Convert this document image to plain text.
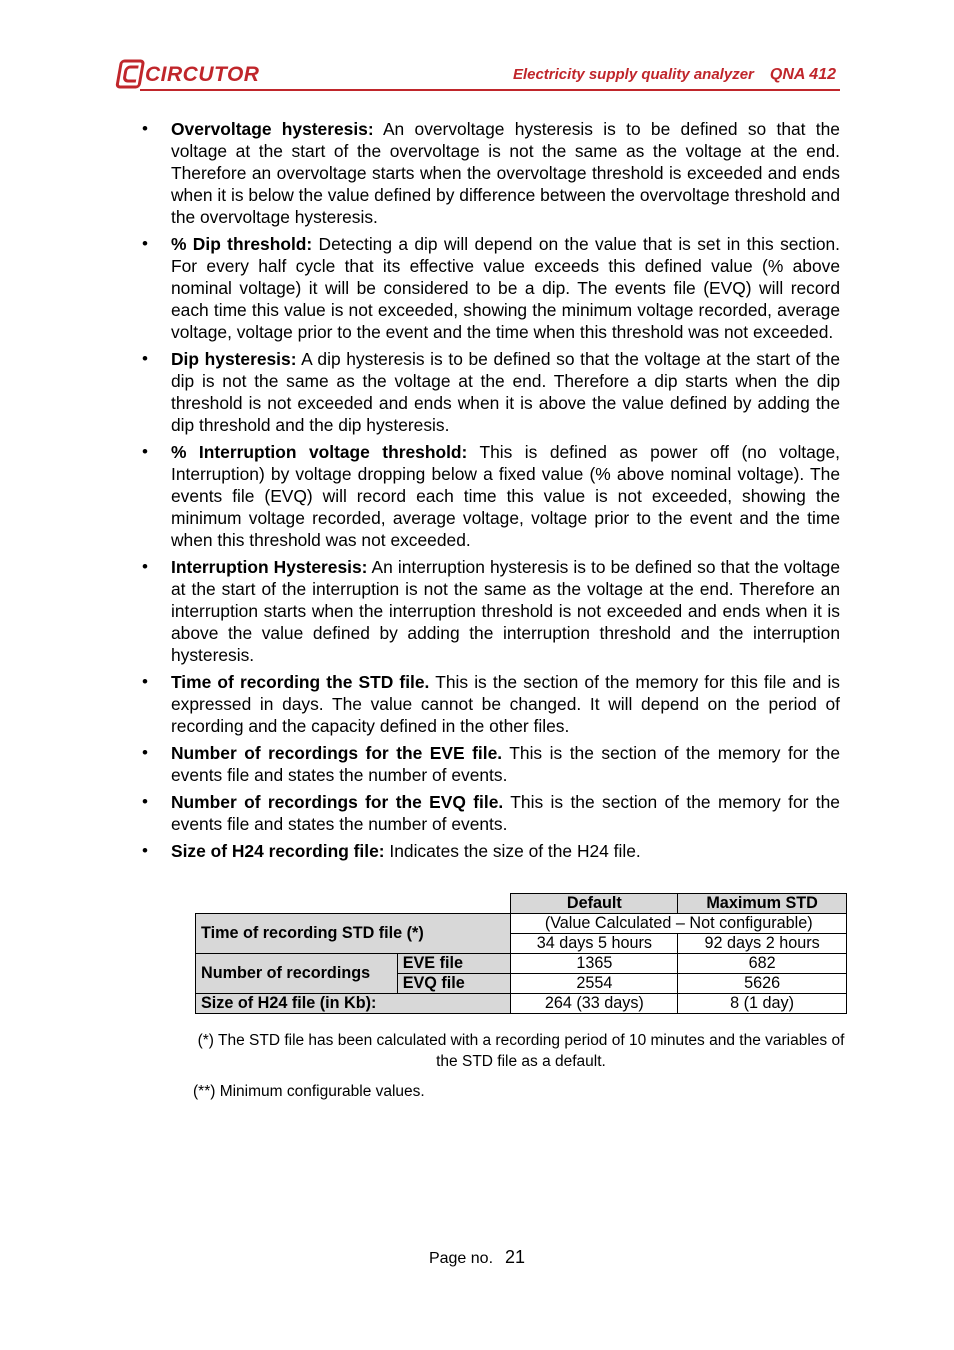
CIRCUTOR	Electricity supply quality analyzer QNA 412
• Overvoltage hysteresis: An overvoltage hysteresis is to be defined so that the voltage at the start of the overvoltage is not the same as the voltage at the end. Therefore an overvoltage starts when the overvoltage threshold is exceeded and ends when it is below the value defined by difference between the overvoltage threshold and the overvoltage hysteresis.
• % Dip threshold: Detecting a dip will depend on the value that is set in this section. For every half cycle that its effective value exceeds this defined value (% above nominal voltage) it will be considered to be a dip. The events file (EVQ) will record each time this value is not exceeded, showing the minimum voltage recorded, average voltage, voltage prior to the event and the time when this threshold was not exceeded.
• Dip hysteresis: A dip hysteresis is to be defined so that the voltage at the start of the dip is not the same as the voltage at the end. Therefore a dip starts when the dip threshold is not exceeded and ends when it is above the value defined by adding the dip threshold and the dip hysteresis.
• % Interruption voltage threshold: This is defined as power off (no voltage, Interruption) by voltage dropping below a fixed value (% above nominal voltage). The events file (EVQ) will record each time this value is not exceeded, showing the minimum voltage recorded, average voltage, voltage prior to the event and the time when this threshold was not exceeded.
• Interruption Hysteresis: An interruption hysteresis is to be defined so that the voltage at the start of the interruption is not the same as the voltage at the end. Therefore an interruption starts when the interruption threshold is not exceeded and ends when it is above the value defined by adding the interruption threshold and the interruption hysteresis.
• Time of recording the STD file. This is the section of the memory for this file and is expressed in days. The value cannot be changed. It will depend on the period of recording and the capacity defined in the other files.
• Number of recordings for the EVE file. This is the section of the memory for the events file and states the number of events.
• Number of recordings for the EVQ file. This is the section of the memory for the events file and states the number of events.
• Size of H24 recording file: Indicates the size of the H24 file.
		Default	Maximum STD
Time of recording STD file (*)		(Value Calculated – Not configurable)	
		34 days 5 hours	92 days 2 hours
Number of recordings	EVE file	1365	682
	EVQ file	2554	5626
Size of H24 file (in Kb):		264 (33 days)	8 (1 day)
(*) The STD file has been calculated with a recording period of 10 minutes and the variables of the STD file as a default.
(**) Minimum configurable values.
Page no. 21
